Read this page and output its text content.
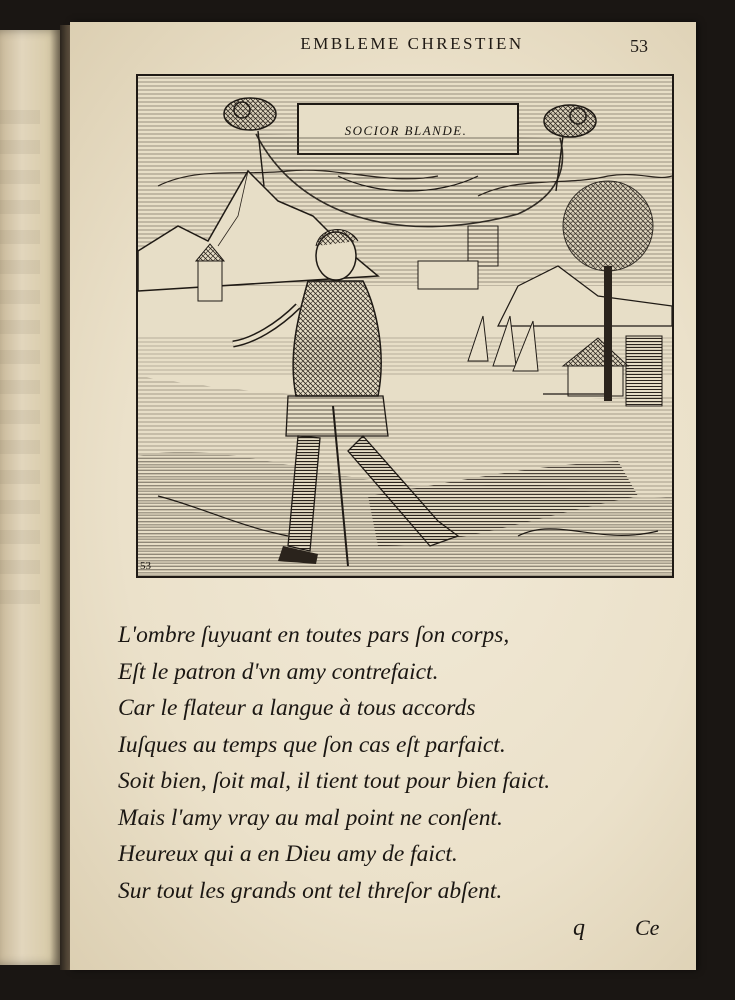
EMBLEME CHRESTIEN	53
SOCIOR BLANDE.
53
L'ombre ſuyuant en toutes pars ſon corps,
Eſt le patron d'vn amy contrefaict.
Car le flateur a langue à tous accords
Iuſques au temps que ſon cas eſt parfaict.
Soit bien, ſoit mal, il tient tout pour bien faict.
Mais l'amy vray au mal point ne conſent.
Heureux qui a en Dieu amy de faict.
Sur tout les grands ont tel threſor abſent.
q Ce
